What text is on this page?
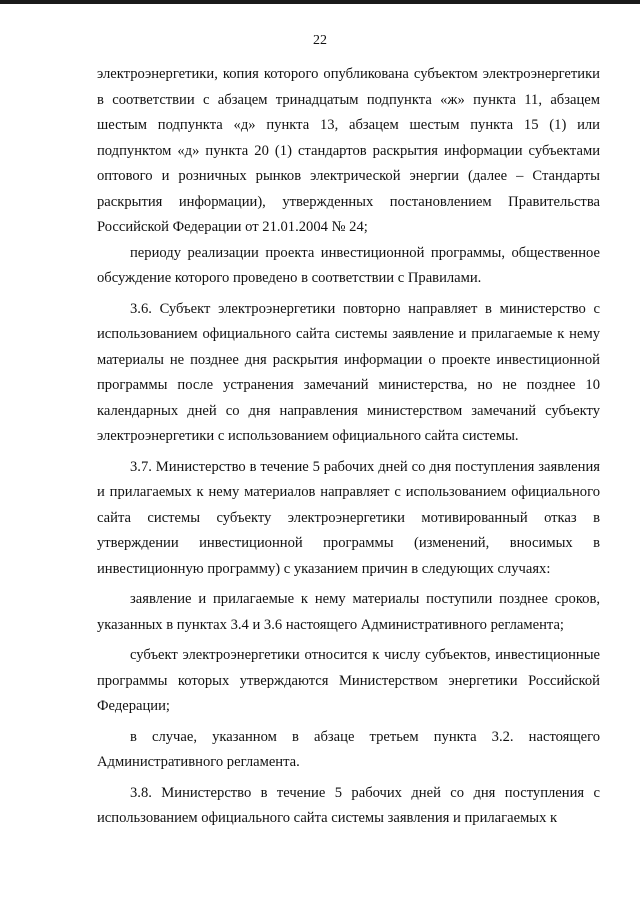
22

электроэнергетики, копия которого опубликована субъектом электроэнергетики в соответствии с абзацем тринадцатым подпункта «ж» пункта 11, абзацем шестым подпункта «д» пункта 13, абзацем шестым пункта 15 (1) или подпунктом «д» пункта 20 (1) стандартов раскрытия информации субъектами оптового и розничных рынков электрической энергии (далее – Стандарты раскрытия информации), утвержденных постановлением Правительства Российской Федерации от 21.01.2004 № 24;

периоду реализации проекта инвестиционной программы, общественное обсуждение которого проведено в соответствии с Правилами.

3.6. Субъект электроэнергетики повторно направляет в министерство с использованием официального сайта системы заявление и прилагаемые к нему материалы не позднее дня раскрытия информации о проекте инвестиционной программы после устранения замечаний министерства, но не позднее 10 календарных дней со дня направления министерством замечаний субъекту электроэнергетики с использованием официального сайта системы.

3.7. Министерство в течение 5 рабочих дней со дня поступления заявления и прилагаемых к нему материалов направляет с использованием официального сайта системы субъекту электроэнергетики мотивированный отказ в утверждении инвестиционной программы (изменений, вносимых в инвестиционную программу) с указанием причин в следующих случаях:

заявление и прилагаемые к нему материалы поступили позднее сроков, указанных в пунктах 3.4 и 3.6 настоящего Административного регламента;

субъект электроэнергетики относится к числу субъектов, инвестиционные программы которых утверждаются Министерством энергетики Российской Федерации;

в случае, указанном в абзаце третьем пункта 3.2. настоящего Административного регламента.

3.8. Министерство в течение 5 рабочих дней со дня поступления с использованием официального сайта системы заявления и прилагаемых к
